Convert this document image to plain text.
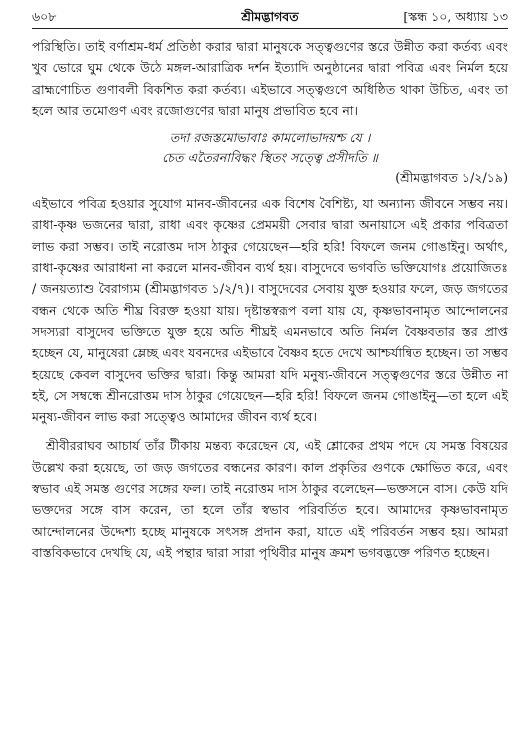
৬০৮	শ্রীমদ্ভাগবত	[স্কন্ধ ১০, অধ্যায় ১৩

পরিস্থিতি। তাই বর্ণাশ্রম-ধর্ম প্রতিষ্ঠা করার দ্বারা মানুষকে সত্ত্বগুণের স্তরে উন্নীত করা কর্তব্য এবং খুব ভোরে ঘুম থেকে উঠে মঙ্গল-আরাত্রিক দর্শন ইত্যাদি অনুষ্ঠানের দ্বারা পবিত্র এবং নির্মল হয়ে ব্রাহ্মণোচিত গুণাবলী বিকশিত করা কর্তব্য। এইভাবে সত্ত্বগুণে অধিষ্ঠিত থাকা উচিত, এবং তা হলে আর তমোগুণ এবং রজোগুণের দ্বারা মানুষ প্রভাবিত হবে না।

তদা রজস্তমোভাবাঃ কামলোভাদয়শ্চ যে ।

চেত এতৈরনাবিদ্ধং স্থিতং সত্ত্বে প্রসীদতি ॥

(শ্রীমদ্ভাগবত ১/২/১৯)

এইভাবে পবিত্র হওয়ার সুযোগ মানব-জীবনের এক বিশেষ বৈশিষ্ট্য, যা অন্যান্য জীবনে সম্ভব নয়। রাধা-কৃষ্ণ ভজনের দ্বারা, রাধা এবং কৃষ্ণের প্রেমময়ী সেবার দ্বারা অনায়াসে এই প্রকার পবিত্রতা লাভ করা সম্ভব। তাই নরোত্তম দাস ঠাকুর গেয়েছেন—হরি হরি! বিফলে জনম গোঙাইনু। অর্থাৎ, রাধা-কৃষ্ণের আরাধনা না করলে মানব-জীবন ব্যর্থ হয়। বাসুদেবে ভগবতি ভক্তিযোগঃ প্রয়োজিতঃ / জনয়ত্যাশু বৈরাগ্যম (শ্রীমদ্ভাগবত ১/২/৭)। বাসুদেবের সেবায় যুক্ত হওয়ার ফলে, জড় জগতের বন্ধন থেকে অতি শীঘ্র বিরক্ত হওয়া যায়। দৃষ্টান্তস্বরূপ বলা যায় যে, কৃষ্ণভাবনামৃত আন্দোলনের সদস্যরা বাসুদেব ভক্তিতে যুক্ত হয়ে অতি শীঘ্রই এমনভাবে অতি নির্মল বৈষ্ণবতার স্তর প্রাপ্ত হচ্ছেন যে, মানুষেরা ম্লেচ্ছ এবং যবনদের এইভাবে বৈষ্ণব হতে দেখে আশ্চর্যান্বিত হচ্ছেন। তা সম্ভব হয়েছে কেবল বাসুদেব ভক্তির দ্বারা। কিন্তু আমরা যদি মনুষ্য-জীবনে সত্ত্বগুণের স্তরে উন্নীত না হই, সে সম্বন্ধে শ্রীনরোত্তম দাস ঠাকুর গেয়েছেন—হরি হরি! বিফলে জনম গোঙাইনু—তা হলে এই মনুষ্য-জীবন লাভ করা সত্ত্বেও আমাদের জীবন ব্যর্থ হবে।

শ্রীবীররাঘব আচার্য তাঁর টীকায় মন্তব্য করেছেন যে, এই শ্লোকের প্রথম পদে যে সমস্ত বিষয়ের উল্লেখ করা হয়েছে, তা জড় জগতের বন্ধনের কারণ। কাল প্রকৃতির গুণকে ক্ষোভিত করে, এবং স্বভাব এই সমস্ত গুণের সঙ্গের ফল। তাই নরোত্তম দাস ঠাকুর বলেছেন—ভক্তসনে বাস। কেউ যদি ভক্তদের সঙ্গে বাস করেন, তা হলে তাঁর স্বভাব পরিবর্তিত হবে। আমাদের কৃষ্ণভাবনামৃত আন্দোলনের উদ্দেশ্য হচ্ছে মানুষকে সৎসঙ্গ প্রদান করা, যাতে এই পরিবর্তন সম্ভব হয়। আমরা বাস্তবিকভাবে দেখছি যে, এই পন্থার দ্বারা সারা পৃথিবীর মানুষ ক্রমশ ভগবদ্ভক্তে পরিণত হচ্ছেন।
